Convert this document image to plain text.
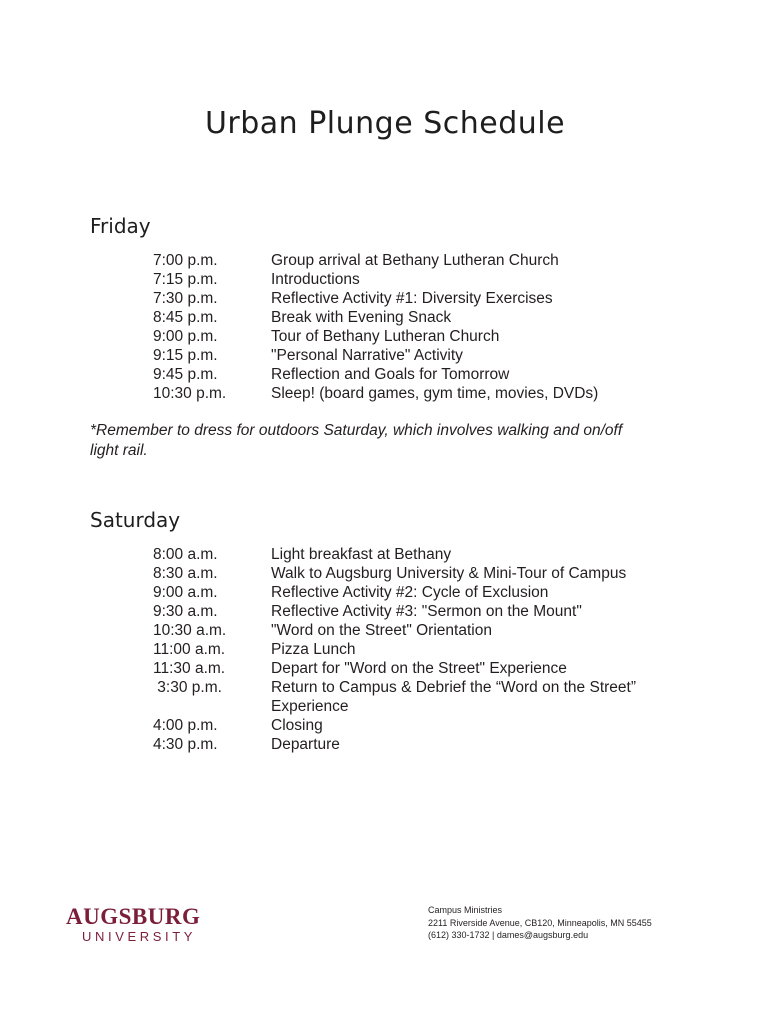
Urban Plunge Schedule
Friday
7:00 p.m.	Group arrival at Bethany Lutheran Church
7:15 p.m.	Introductions
7:30 p.m.	Reflective Activity #1: Diversity Exercises
8:45 p.m.	Break with Evening Snack
9:00 p.m.	Tour of Bethany Lutheran Church
9:15 p.m.	"Personal Narrative" Activity
9:45 p.m.	Reflection and Goals for Tomorrow
10:30 p.m.	Sleep! (board games, gym time, movies, DVDs)
*Remember to dress for outdoors Saturday, which involves walking and on/off light rail.
Saturday
8:00 a.m.	Light breakfast at Bethany
8:30 a.m.	Walk to Augsburg University & Mini-Tour of Campus
9:00 a.m.	Reflective Activity #2: Cycle of Exclusion
9:30 a.m.	Reflective Activity #3: "Sermon on the Mount"
10:30 a.m.	"Word on the Street" Orientation
11:00 a.m.	Pizza Lunch
11:30 a.m.	Depart for "Word on the Street" Experience
3:30 p.m.	Return to Campus & Debrief the “Word on the Street” Experience
4:00 p.m.	Closing
4:30 p.m.	Departure
AUGSBURG
UNIVERSITY
Campus Ministries
2211 Riverside Avenue, CB120, Minneapolis, MN 55455
(612) 330-1732 | dames@augsburg.edu
